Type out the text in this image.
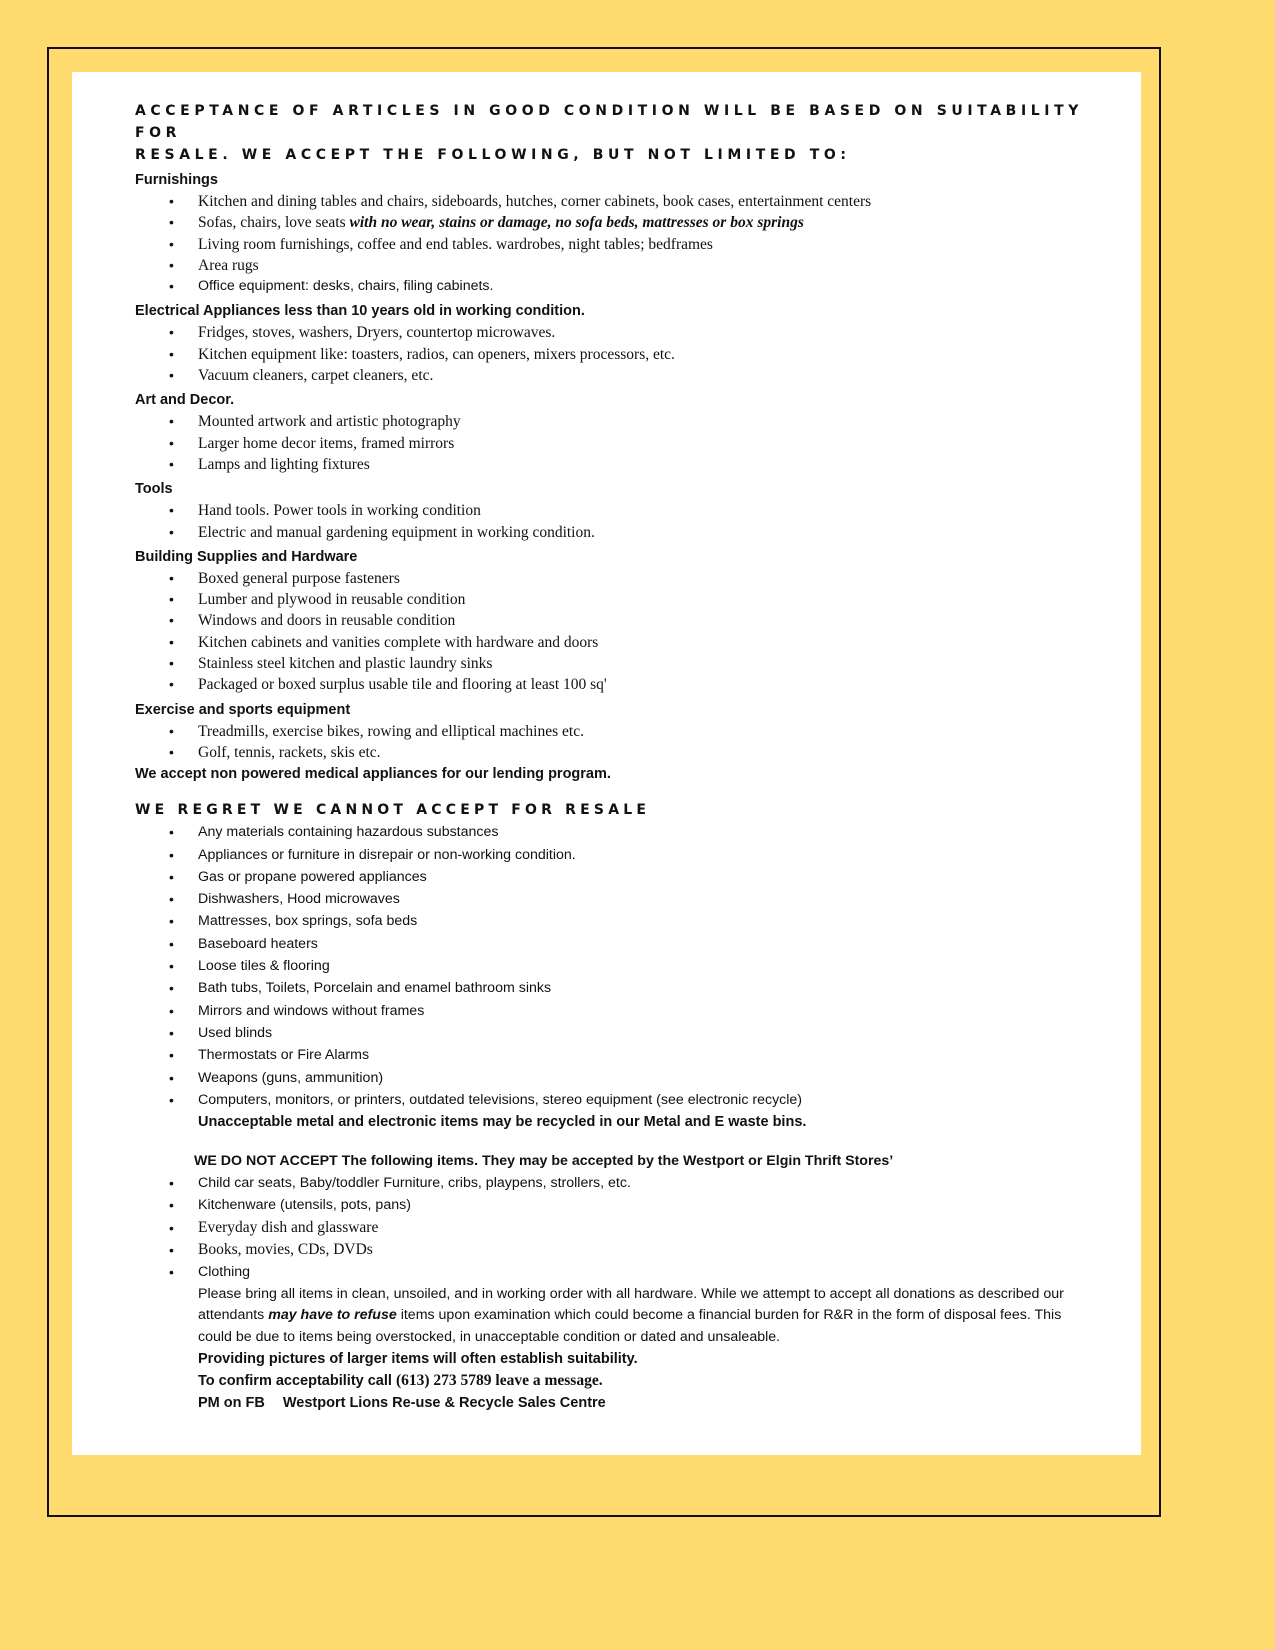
ACCEPTANCE OF ARTICLES IN GOOD CONDITION WILL BE BASED ON SUITABILITY FOR

RESALE. WE ACCEPT THE FOLLOWING, BUT NOT LIMITED TO:

Furnishings

• Kitchen and dining tables and chairs, sideboards, hutches, corner cabinets, book cases, entertainment centers
• Sofas, chairs, love seats with no wear, stains or damage, no sofa beds, mattresses or box springs
• Living room furnishings, coffee and end tables. wardrobes, night tables; bedframes
• Area rugs
• Office equipment: desks, chairs, filing cabinets.

Electrical Appliances less than 10 years old in working condition.

• Fridges, stoves, washers, Dryers, countertop microwaves.
• Kitchen equipment like: toasters, radios, can openers, mixers processors, etc.
• Vacuum cleaners, carpet cleaners, etc.

Art and Decor.

• Mounted artwork and artistic photography
• Larger home decor items, framed mirrors
• Lamps and lighting fixtures

Tools

• Hand tools. Power tools in working condition
• Electric and manual gardening equipment in working condition.

Building Supplies and Hardware

• Boxed general purpose fasteners
• Lumber and plywood in reusable condition
• Windows and doors in reusable condition
• Kitchen cabinets and vanities complete with hardware and doors
• Stainless steel kitchen and plastic laundry sinks
• Packaged or boxed surplus usable tile and flooring at least 100 sq'

Exercise and sports equipment

• Treadmills, exercise bikes, rowing and elliptical machines etc.
• Golf, tennis, rackets, skis etc.

We accept non powered medical appliances for our lending program.

WE REGRET WE CANNOT ACCEPT FOR RESALE

• Any materials containing hazardous substances
• Appliances or furniture in disrepair or non-working condition.
• Gas or propane powered appliances
• Dishwashers, Hood microwaves
• Mattresses, box springs, sofa beds
• Baseboard heaters
• Loose tiles & flooring
• Bath tubs, Toilets, Porcelain and enamel bathroom sinks
• Mirrors and windows without frames
• Used blinds
• Thermostats or Fire Alarms
• Weapons (guns, ammunition)
• Computers, monitors, or printers, outdated televisions, stereo equipment (see electronic recycle)

Unacceptable metal and electronic items may be recycled in our Metal and E waste bins.

WE DO NOT ACCEPT The following items. They may be accepted by the Westport or Elgin Thrift Stores’

• Child car seats, Baby/toddler Furniture, cribs, playpens, strollers, etc.
• Kitchenware (utensils, pots, pans)
• Everyday dish and glassware
• Books, movies, CDs, DVDs
• Clothing

Please bring all items in clean, unsoiled, and in working order with all hardware. While we attempt to accept all donations as described our attendants may have to refuse items upon examination which could become a financial burden for R&R in the form of disposal fees. This could be due to items being overstocked, in unacceptable condition or dated and unsaleable.

Providing pictures of larger items will often establish suitability.

To confirm acceptability call (613) 273 5789 leave a message.

PM on FB Westport Lions Re-use & Recycle Sales Centre
